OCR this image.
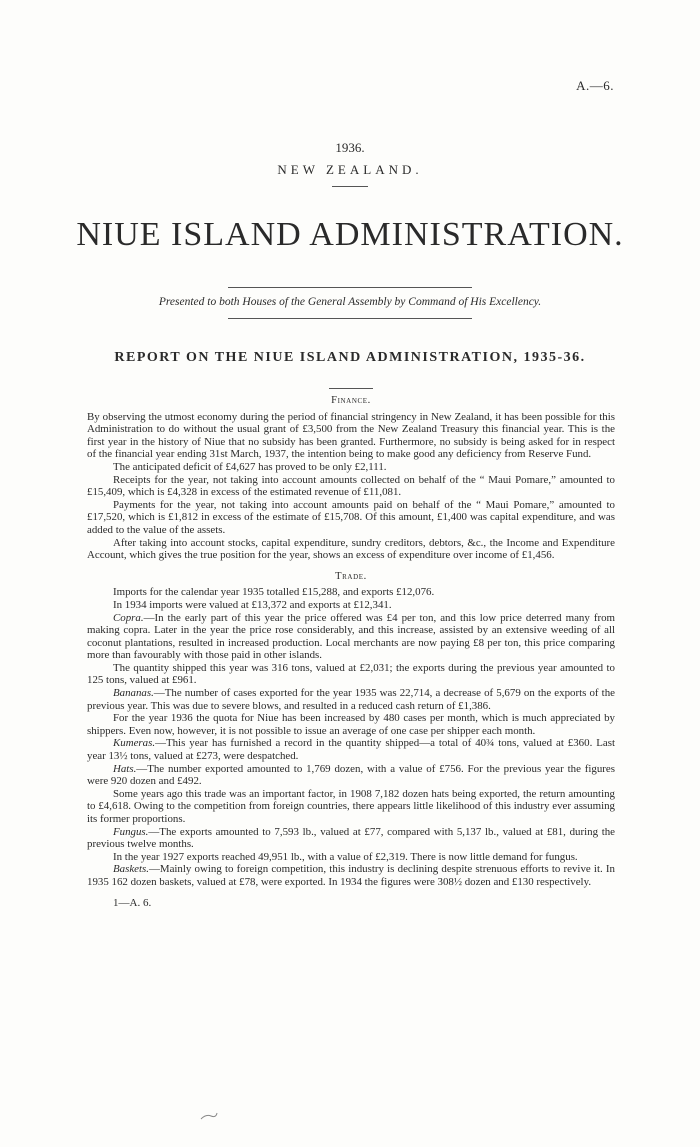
A.—6.
1936.
NEW ZEALAND.
NIUE ISLAND ADMINISTRATION.
Presented to both Houses of the General Assembly by Command of His Excellency.
REPORT ON THE NIUE ISLAND ADMINISTRATION, 1935-36.
Finance.

By observing the utmost economy during the period of financial stringency in New Zealand, it has been possible for this Administration to do without the usual grant of £3,500 from the New Zealand Treasury this financial year. This is the first year in the history of Niue that no subsidy has been granted. Furthermore, no subsidy is being asked for in respect of the financial year ending 31st March, 1937, the intention being to make good any deficiency from Reserve Fund.

The anticipated deficit of £4,627 has proved to be only £2,111.

Receipts for the year, not taking into account amounts collected on behalf of the “ Maui Pomare,” amounted to £15,409, which is £4,328 in excess of the estimated revenue of £11,081.

Payments for the year, not taking into account amounts paid on behalf of the “ Maui Pomare,” amounted to £17,520, which is £1,812 in excess of the estimate of £15,708. Of this amount, £1,400 was capital expenditure, and was added to the value of the assets.

After taking into account stocks, capital expenditure, sundry creditors, debtors, &c., the Income and Expenditure Account, which gives the true position for the year, shows an excess of expenditure over income of £1,456.

Trade.

Imports for the calendar year 1935 totalled £15,288, and exports £12,076.

In 1934 imports were valued at £13,372 and exports at £12,341.

Copra.—In the early part of this year the price offered was £4 per ton, and this low price deterred many from making copra. Later in the year the price rose considerably, and this increase, assisted by an extensive weeding of all coconut plantations, resulted in increased production. Local merchants are now paying £8 per ton, this price comparing more than favourably with those paid in other islands.

The quantity shipped this year was 316 tons, valued at £2,031; the exports during the previous year amounted to 125 tons, valued at £961.

Bananas.—The number of cases exported for the year 1935 was 22,714, a decrease of 5,679 on the exports of the previous year. This was due to severe blows, and resulted in a reduced cash return of £1,386.

For the year 1936 the quota for Niue has been increased by 480 cases per month, which is much appreciated by shippers. Even now, however, it is not possible to issue an average of one case per shipper each month.

Kumeras.—This year has furnished a record in the quantity shipped—a total of 40¾ tons, valued at £360. Last year 13½ tons, valued at £273, were despatched.

Hats.—The number exported amounted to 1,769 dozen, with a value of £756. For the previous year the figures were 920 dozen and £492.

Some years ago this trade was an important factor, in 1908 7,182 dozen hats being exported, the return amounting to £4,618. Owing to the competition from foreign countries, there appears little likelihood of this industry ever assuming its former proportions.

Fungus.—The exports amounted to 7,593 lb., valued at £77, compared with 5,137 lb., valued at £81, during the previous twelve months.

In the year 1927 exports reached 49,951 lb., with a value of £2,319. There is now little demand for fungus.

Baskets.—Mainly owing to foreign competition, this industry is declining despite strenuous efforts to revive it. In 1935 162 dozen baskets, valued at £78, were exported. In 1934 the figures were 308½ dozen and £130 respectively.

1—A. 6.
